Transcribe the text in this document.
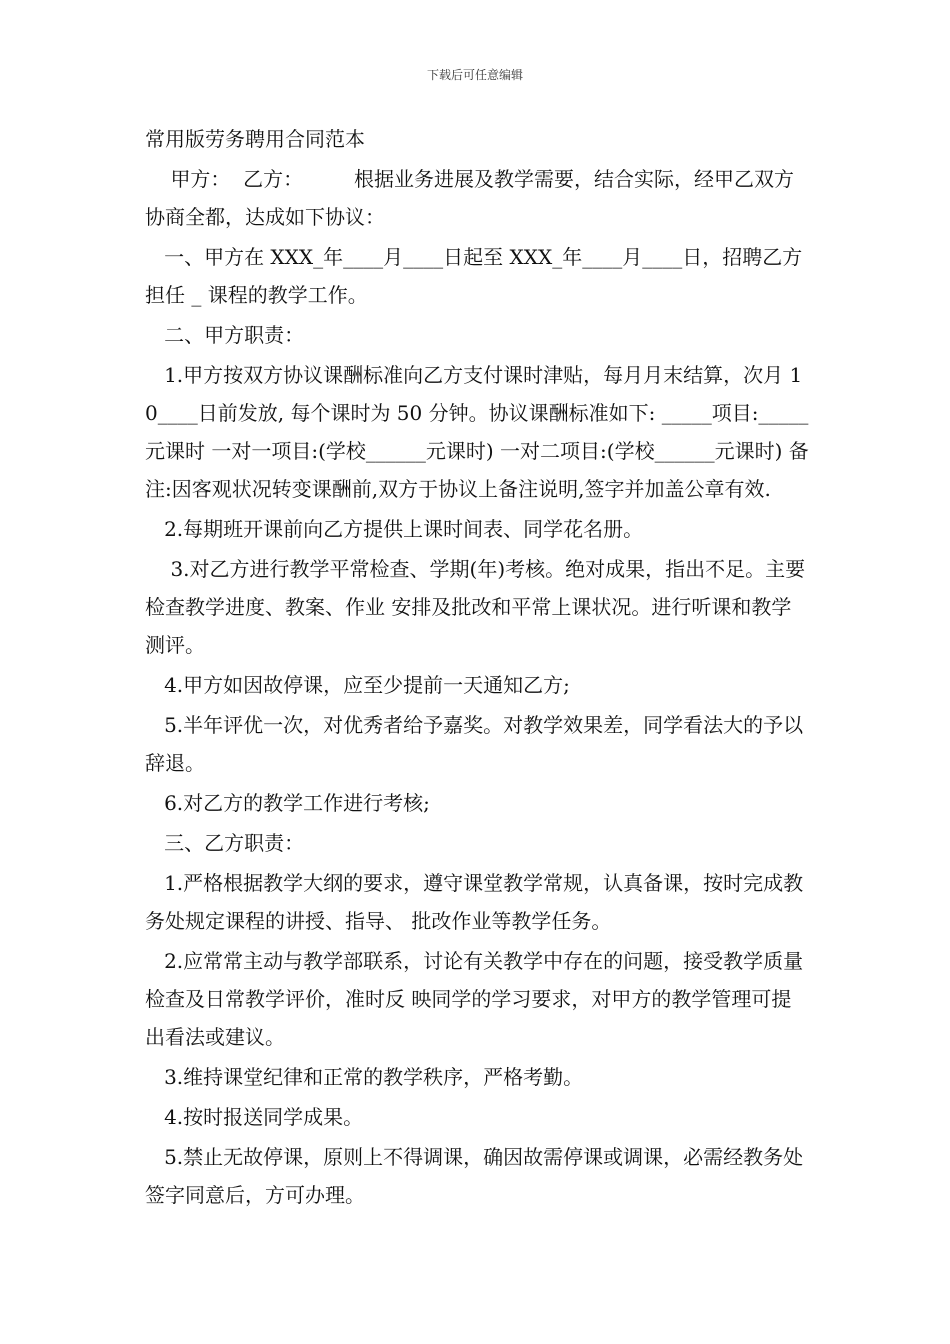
下载后可任意编辑

常用版劳务聘用合同范本

甲方：  乙方：        根据业务进展及教学需要，结合实际，经甲乙双方协商全都，达成如下协议：

一、甲方在 XXX_年____月____日起至 XXX_年____月____日，招聘乙方担任 _ 课程的教学工作。

二、甲方职责：

1.甲方按双方协议课酬标准向乙方支付课时津贴，每月月末结算，次月 10____日前发放, 每个课时为 50 分钟。协议课酬标准如下: _____项目:_____元课时 一对一项目:(学校______元课时) 一对二项目:(学校______元课时) 备注:因客观状况转变课酬前,双方于协议上备注说明,签字并加盖公章有效.

2.每期班开课前向乙方提供上课时间表、同学花名册。

3.对乙方进行教学平常检查、学期(年)考核。绝对成果，指出不足。主要检查教学进度、教案、作业 安排及批改和平常上课状况。进行听课和教学测评。

4.甲方如因故停课，应至少提前一天通知乙方;

5.半年评优一次，对优秀者给予嘉奖。对教学效果差，同学看法大的予以辞退。

6.对乙方的教学工作进行考核;

三、乙方职责：

1.严格根据教学大纲的要求，遵守课堂教学常规，认真备课，按时完成教务处规定课程的讲授、指导、 批改作业等教学任务。

2.应常常主动与教学部联系，讨论有关教学中存在的问题，接受教学质量检查及日常教学评价，准时反 映同学的学习要求，对甲方的教学管理可提出看法或建议。

3.维持课堂纪律和正常的教学秩序，严格考勤。

4.按时报送同学成果。

5.禁止无故停课，原则上不得调课，确因故需停课或调课，必需经教务处签字同意后，方可办理。
